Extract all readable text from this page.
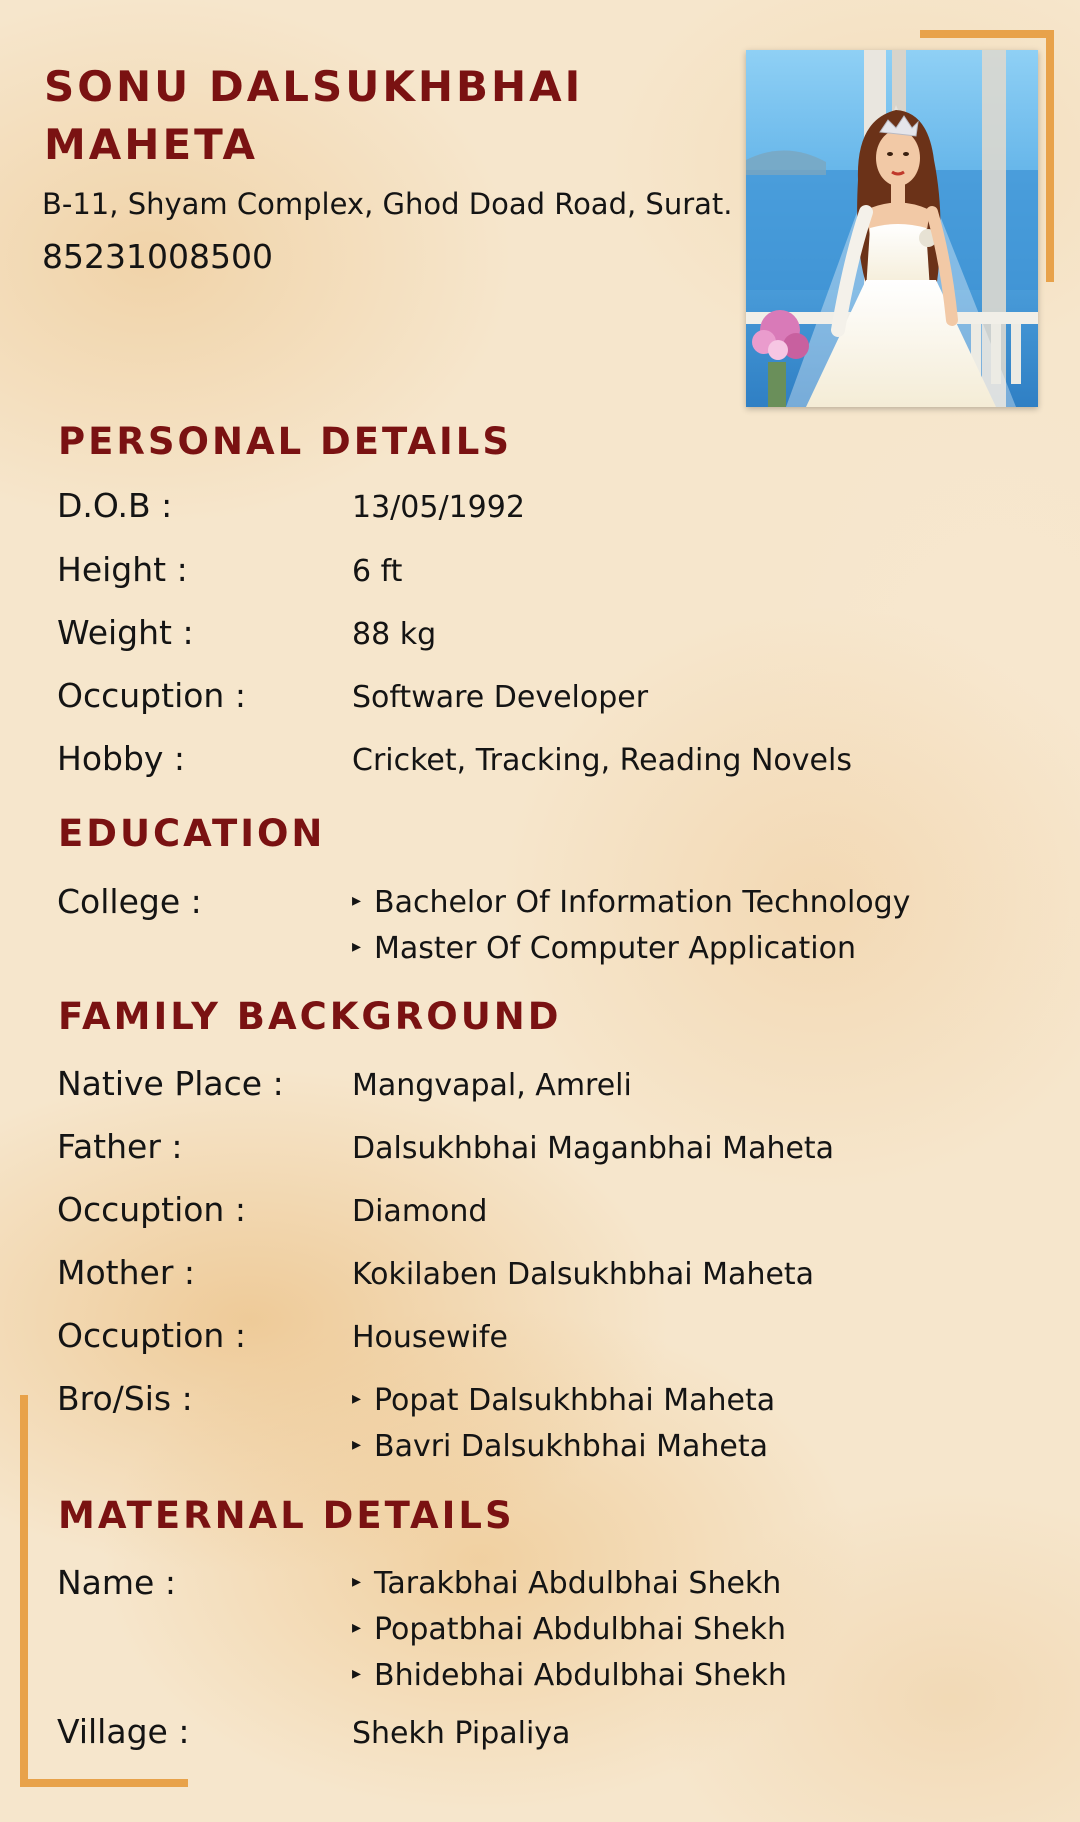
SONU DALSUKHBHAI MAHETA
B-11, Shyam Complex, Ghod Doad Road, Surat.
85231008500
PERSONAL DETAILS
D.O.B :	13/05/1992
Height :	6 ft
Weight :	88 kg
Occuption :	Software Developer
Hobby :	Cricket, Tracking, Reading Novels
EDUCATION
College :	▸ Bachelor Of Information Technology
▸ Master Of Computer Application
FAMILY BACKGROUND
Native Place : Mangvapal, Amreli
Father :	Dalsukhbhai Maganbhai Maheta
Occuption :	Diamond
Mother :	Kokilaben Dalsukhbhai Maheta
Occuption :	Housewife
Bro/Sis :	▸ Popat Dalsukhbhai Maheta
▸ Bavri Dalsukhbhai Maheta
MATERNAL DETAILS
Name :	▸ Tarakbhai Abdulbhai Shekh
▸ Popatbhai Abdulbhai Shekh
▸ Bhidebhai Abdulbhai Shekh
Village :	Shekh Pipaliya
